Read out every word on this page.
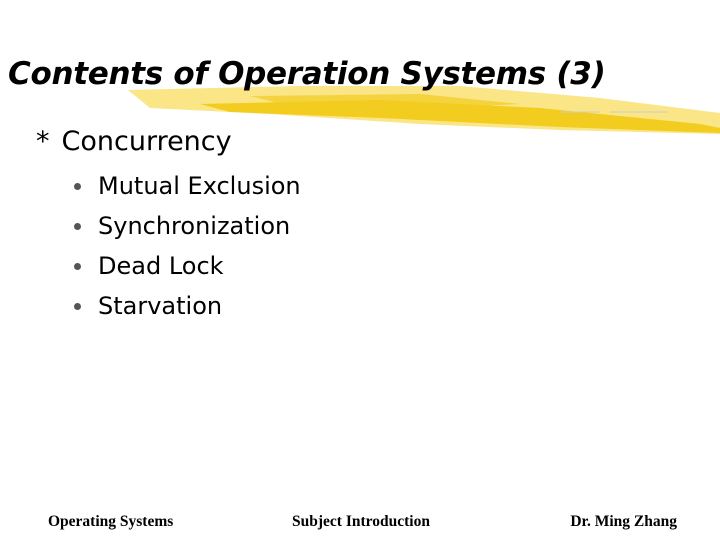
Contents of Operation Systems (3)
* Concurrency
Mutual Exclusion
Synchronization
Dead Lock
Starvation
Operating Systems	Subject Introduction	Dr. Ming Zhang
